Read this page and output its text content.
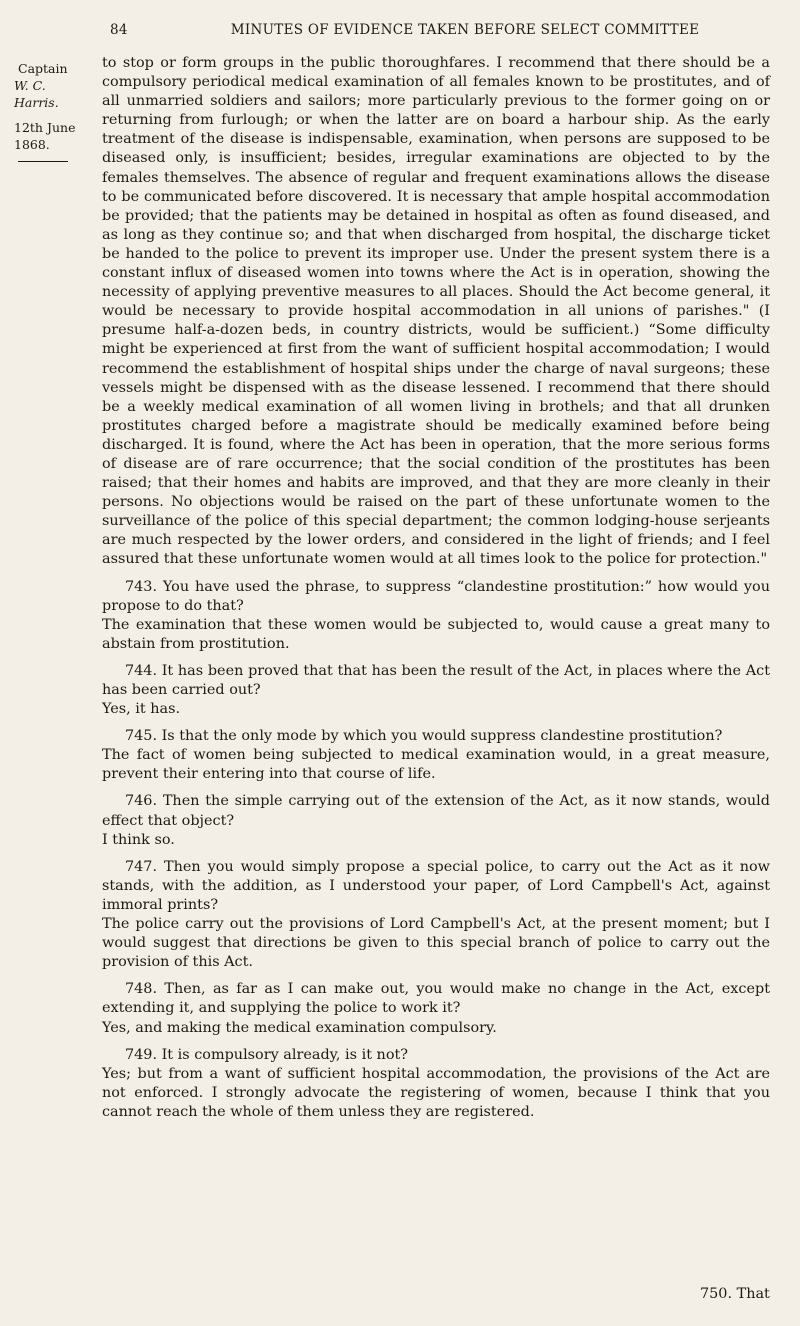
84	MINUTES OF EVIDENCE TAKEN BEFORE SELECT COMMITTEE
Captain
W. C. Harris.
12th June 1868.

to stop or form groups in the public thoroughfares. I recommend that there should be a compulsory periodical medical examination of all females known to be prostitutes, and of all unmarried soldiers and sailors; more particularly previous to the former going on or returning from furlough; or when the latter are on board a harbour ship. As the early treatment of the disease is indispensable, examination, when persons are supposed to be diseased only, is insufficient; besides, irregular examinations are objected to by the females themselves. The absence of regular and frequent examinations allows the disease to be communicated before discovered. It is necessary that ample hospital accommodation be provided; that the patients may be detained in hospital as often as found diseased, and as long as they continue so; and that when discharged from hospital, the discharge ticket be handed to the police to prevent its improper use. Under the present system there is a constant influx of diseased women into towns where the Act is in operation, showing the necessity of applying preventive measures to all places. Should the Act become general, it would be necessary to provide hospital accommodation in all unions of parishes." (I presume half-a-dozen beds, in country districts, would be sufficient.) “Some difficulty might be experienced at first from the want of sufficient hospital accommodation; I would recommend the establishment of hospital ships under the charge of naval surgeons; these vessels might be dispensed with as the disease lessened. I recommend that there should be a weekly medical examination of all women living in brothels; and that all drunken prostitutes charged before a magistrate should be medically examined before being discharged. It is found, where the Act has been in operation, that the more serious forms of disease are of rare occurrence; that the social condition of the prostitutes has been raised; that their homes and habits are improved, and that they are more cleanly in their persons. No objections would be raised on the part of these unfortunate women to the surveillance of the police of this special department; the common lodging-house serjeants are much respected by the lower orders, and considered in the light of friends; and I feel assured that these unfortunate women would at all times look to the police for protection."

743. You have used the phrase, to suppress “clandestine prostitution:” how would you propose to do that?

The examination that these women would be subjected to, would cause a great many to abstain from prostitution.

744. It has been proved that that has been the result of the Act, in places where the Act has been carried out?

Yes, it has.

745. Is that the only mode by which you would suppress clandestine prostitution?

The fact of women being subjected to medical examination would, in a great measure, prevent their entering into that course of life.

746. Then the simple carrying out of the extension of the Act, as it now stands, would effect that object?

I think so.

747. Then you would simply propose a special police, to carry out the Act as it now stands, with the addition, as I understood your paper, of Lord Campbell's Act, against immoral prints?

The police carry out the provisions of Lord Campbell's Act, at the present moment; but I would suggest that directions be given to this special branch of police to carry out the provision of this Act.

748. Then, as far as I can make out, you would make no change in the Act, except extending it, and supplying the police to work it?

Yes, and making the medical examination compulsory.

749. It is compulsory already, is it not?

Yes; but from a want of sufficient hospital accommodation, the provisions of the Act are not enforced. I strongly advocate the registering of women, because I think that you cannot reach the whole of them unless they are registered.

750. That
